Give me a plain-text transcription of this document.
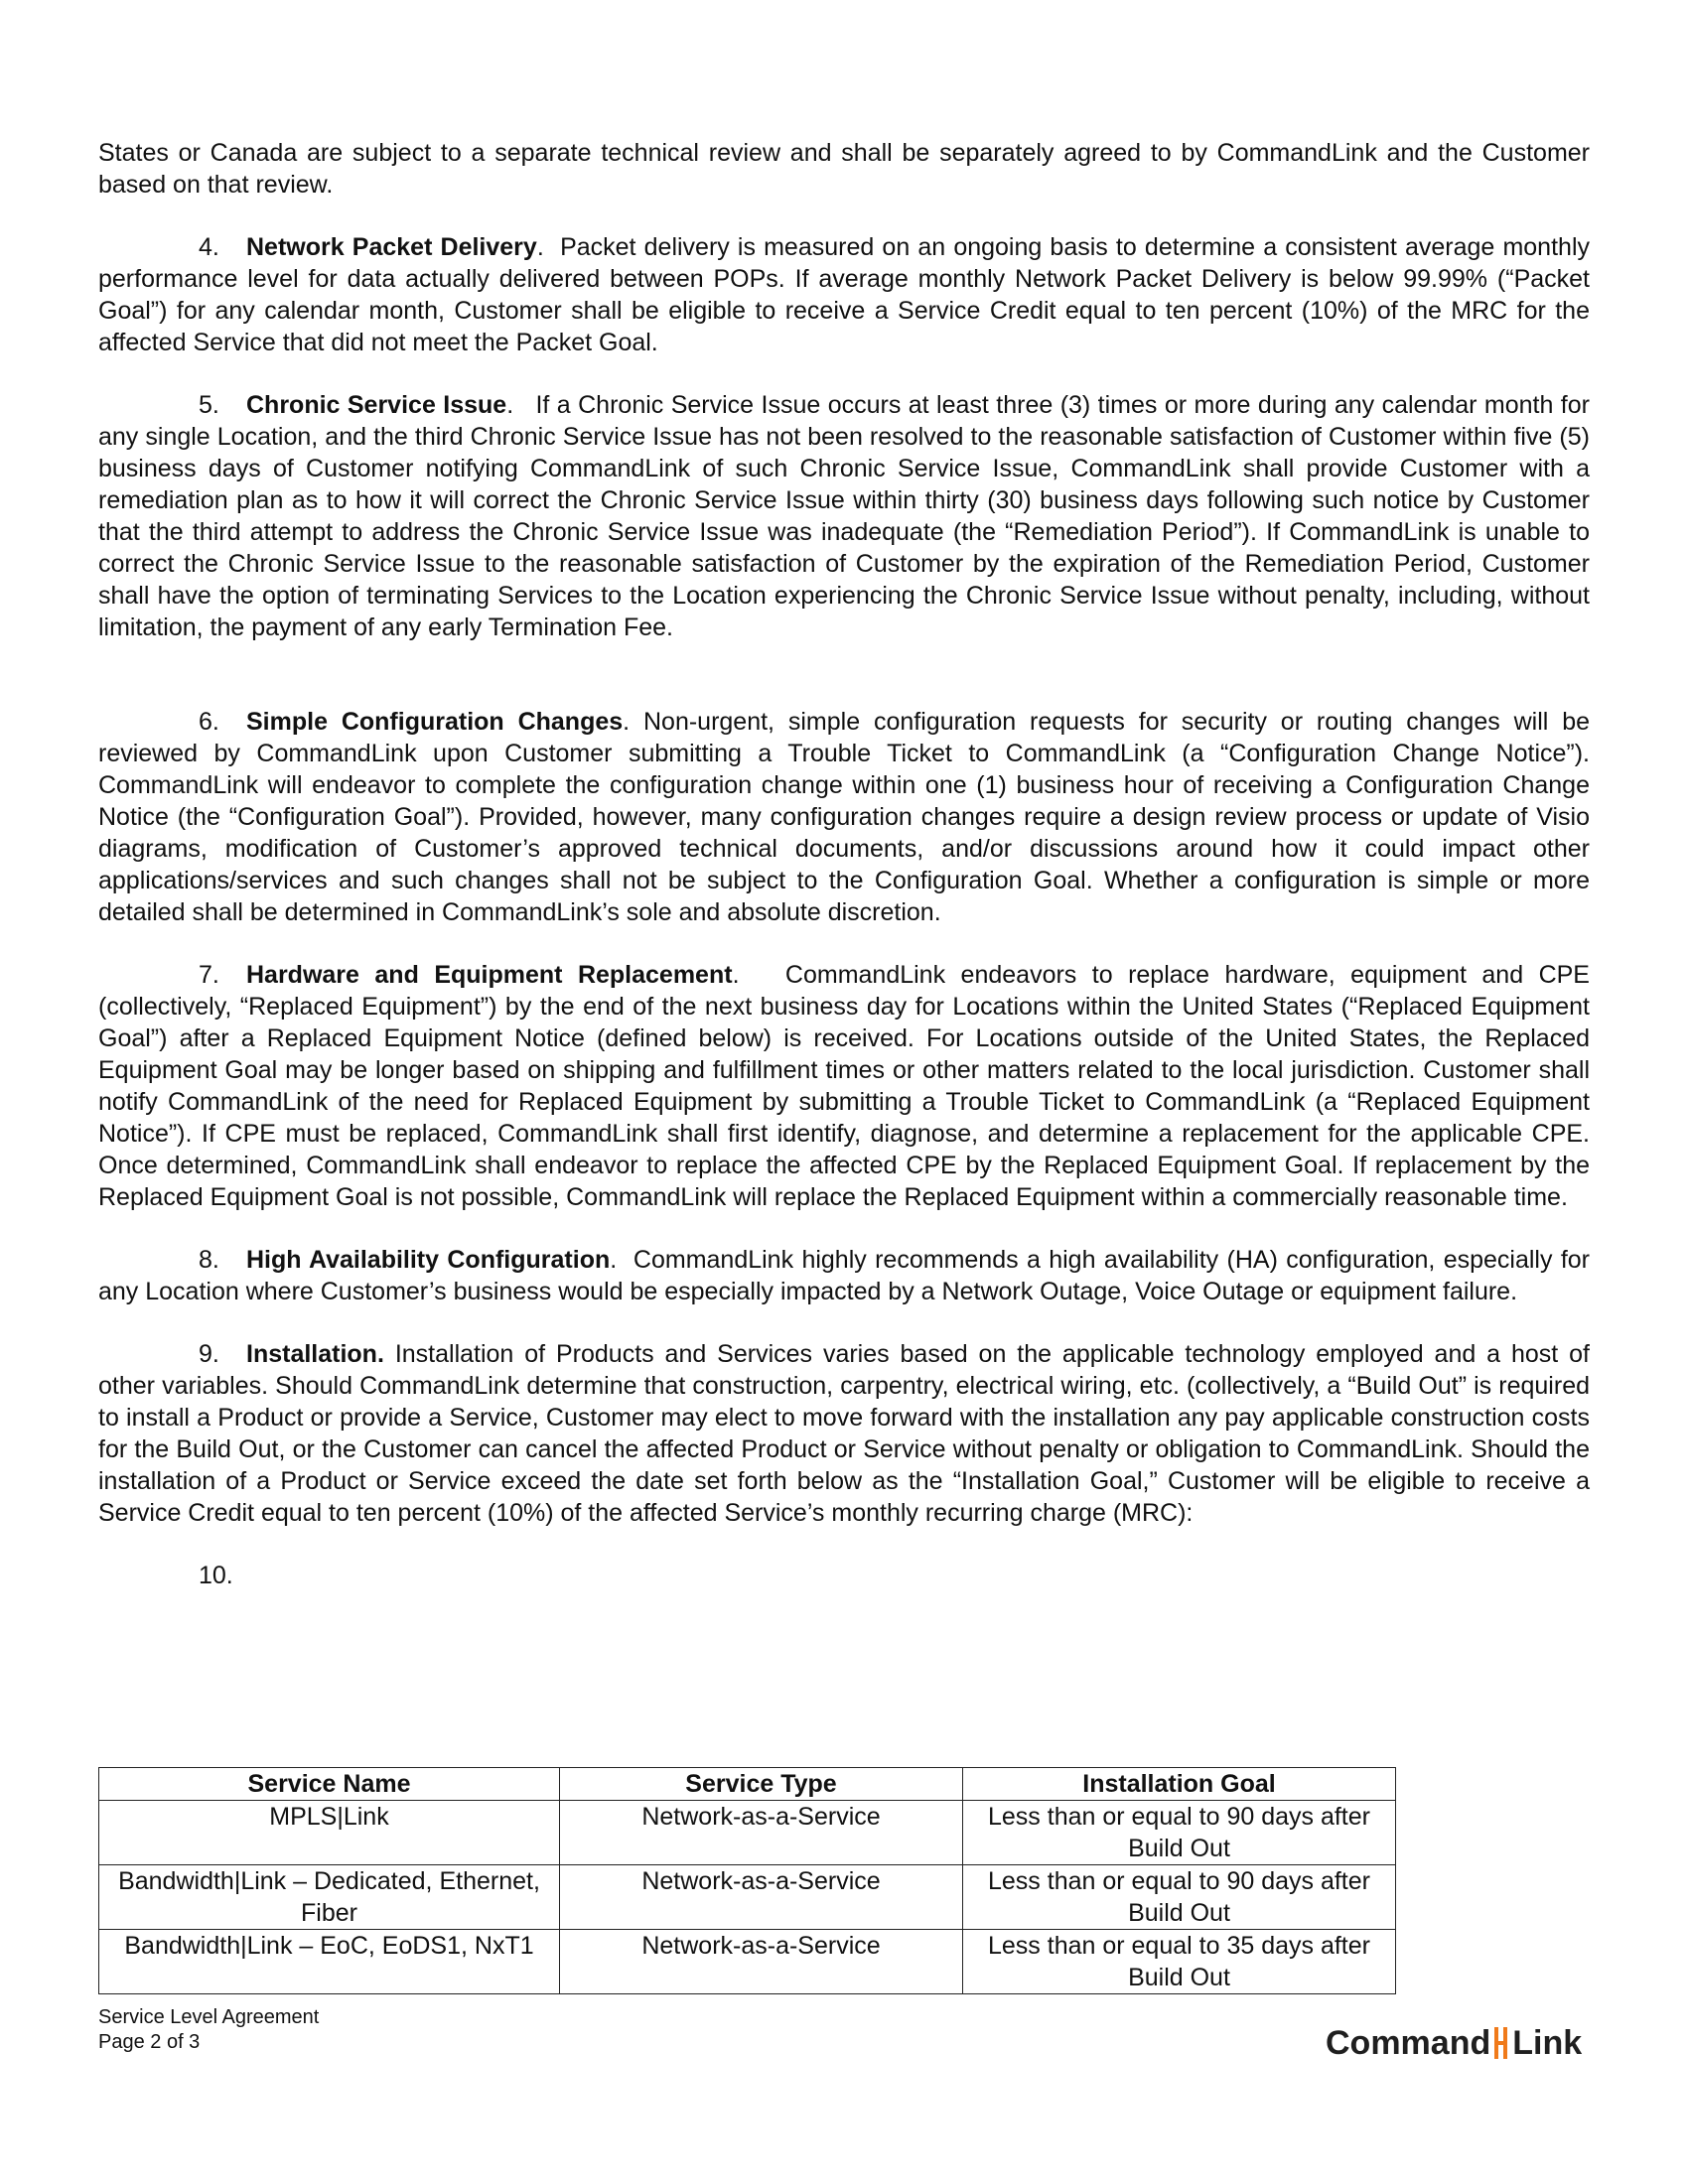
States or Canada are subject to a separate technical review and shall be separately agreed to by CommandLink and the Customer based on that review.

4. Network Packet Delivery.  Packet delivery is measured on an ongoing basis to determine a consistent average monthly performance level for data actually delivered between POPs. If average monthly Network Packet Delivery is below 99.99% (“Packet Goal”) for any calendar month, Customer shall be eligible to receive a Service Credit equal to ten percent (10%) of the MRC for the affected Service that did not meet the Packet Goal.

5. Chronic Service Issue.   If a Chronic Service Issue occurs at least three (3) times or more during any calendar month for any single Location, and the third Chronic Service Issue has not been resolved to the reasonable satisfaction of Customer within five (5) business days of Customer notifying CommandLink of such Chronic Service Issue, CommandLink shall provide Customer with a remediation plan as to how it will correct the Chronic Service Issue within thirty (30) business days following such notice by Customer that the third attempt to address the Chronic Service Issue was inadequate (the “Remediation Period”). If CommandLink is unable to correct the Chronic Service Issue to the reasonable satisfaction of Customer by the expiration of the Remediation Period, Customer shall have the option of terminating Services to the Location experiencing the Chronic Service Issue without penalty, including, without limitation, the payment of any early Termination Fee.

6. Simple Configuration Changes. Non-urgent, simple configuration requests for security or routing changes will be reviewed by CommandLink upon Customer submitting a Trouble Ticket to CommandLink (a “Configuration Change Notice”). CommandLink will endeavor to complete the configuration change within one (1) business hour of receiving a Configuration Change Notice (the “Configuration Goal”). Provided, however, many configuration changes require a design review process or update of Visio diagrams, modification of Customer’s approved technical documents, and/or discussions around how it could impact other applications/services and such changes shall not be subject to the Configuration Goal. Whether a configuration is simple or more detailed shall be determined in CommandLink’s sole and absolute discretion.

7. Hardware and Equipment Replacement.   CommandLink endeavors to replace hardware, equipment and CPE (collectively, “Replaced Equipment”) by the end of the next business day for Locations within the United States (“Replaced Equipment Goal”) after a Replaced Equipment Notice (defined below) is received. For Locations outside of the United States, the Replaced Equipment Goal may be longer based on shipping and fulfillment times or other matters related to the local jurisdiction. Customer shall notify CommandLink of the need for Replaced Equipment by submitting a Trouble Ticket to CommandLink (a “Replaced Equipment Notice”). If CPE must be replaced, CommandLink shall first identify, diagnose, and determine a replacement for the applicable CPE. Once determined, CommandLink shall endeavor to replace the affected CPE by the Replaced Equipment Goal. If replacement by the Replaced Equipment Goal is not possible, CommandLink will replace the Replaced Equipment within a commercially reasonable time.

8. High Availability Configuration.  CommandLink highly recommends a high availability (HA) configuration, especially for any Location where Customer’s business would be especially impacted by a Network Outage, Voice Outage or equipment failure.

9. Installation. Installation of Products and Services varies based on the applicable technology employed and a host of other variables. Should CommandLink determine that construction, carpentry, electrical wiring, etc. (collectively, a “Build Out” is required to install a Product or provide a Service, Customer may elect to move forward with the installation any pay applicable construction costs for the Build Out, or the Customer can cancel the affected Product or Service without penalty or obligation to CommandLink. Should the installation of a Product or Service exceed the date set forth below as the “Installation Goal,” Customer will be eligible to receive a Service Credit equal to ten percent (10%) of the affected Service’s monthly recurring charge (MRC):

10.

Service Name	Service Type	Installation Goal
MPLS|Link	Network-as-a-Service	Less than or equal to 90 days after Build Out
Bandwidth|Link – Dedicated, Ethernet, Fiber	Network-as-a-Service	Less than or equal to 90 days after Build Out
Bandwidth|Link – EoC, EoDS1, NxT1	Network-as-a-Service	Less than or equal to 35 days after Build Out
Service Level Agreement
Page 2 of 3	Command Link
